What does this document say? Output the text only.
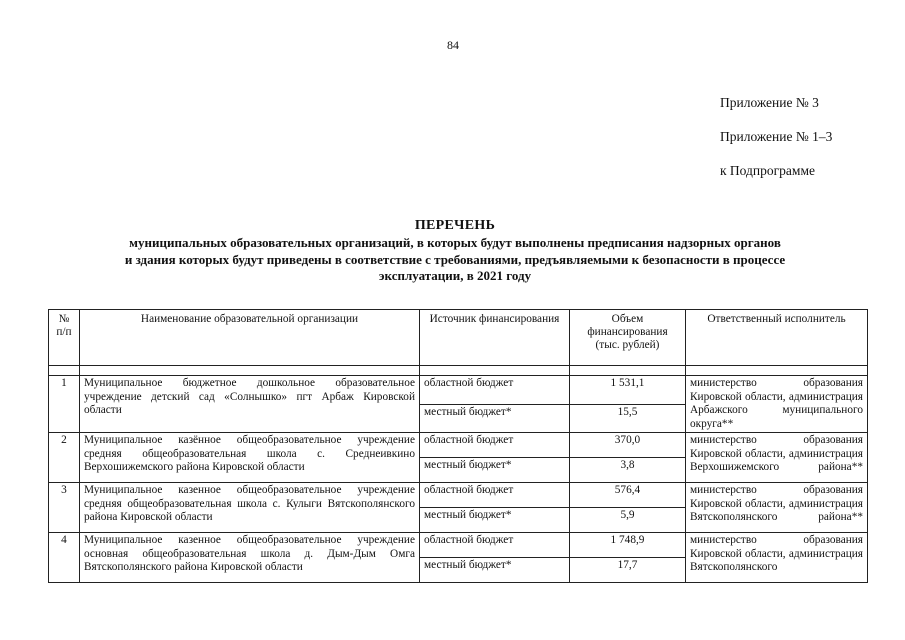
84
Приложение № 3
Приложение № 1–3
к Подпрограмме
ПЕРЕЧЕНЬ
муниципальных образовательных организаций, в которых будут выполнены предписания надзорных органов
и здания которых будут приведены в соответствие с требованиями, предъявляемыми к безопасности в процессе
эксплуатации, в 2021 году
№ п/п	Наименование образовательной организации	Источник финансирования	Объем финансирования (тыс. рублей)	Ответственный исполнитель

1	Муниципальное бюджетное дошкольное образовательное учреждение детский сад «Солнышко» пгт Арбаж Кировской области	областной бюджет	1 531,1	министерство образования Кировской области, администрация Арбажского муниципального округа**
		местный бюджет*	15,5	
2	Муниципальное казённое общеобразовательное учреждение средняя общеобразовательная школа с. Среднеивкино Верхошижемского района Кировской области	областной бюджет	370,0	министерство образования Кировской области, администрация Верхошижемского района**
		местный бюджет*	3,8	
3	Муниципальное казенное общеобразовательное учреждение средняя общеобразовательная школа с. Кулыги Вятскополянского района Кировской области	областной бюджет	576,4	министерство образования Кировской области, администрация Вятскополянского района**
		местный бюджет*	5,9	
4	Муниципальное казенное общеобразовательное учреждение основная общеобразовательная школа д. Дым-Дым Омга Вятскополянского района Кировской области	областной бюджет	1 748,9	министерство образования Кировской области, администрация Вятскополянского

		местный бюджет*	17,7	
